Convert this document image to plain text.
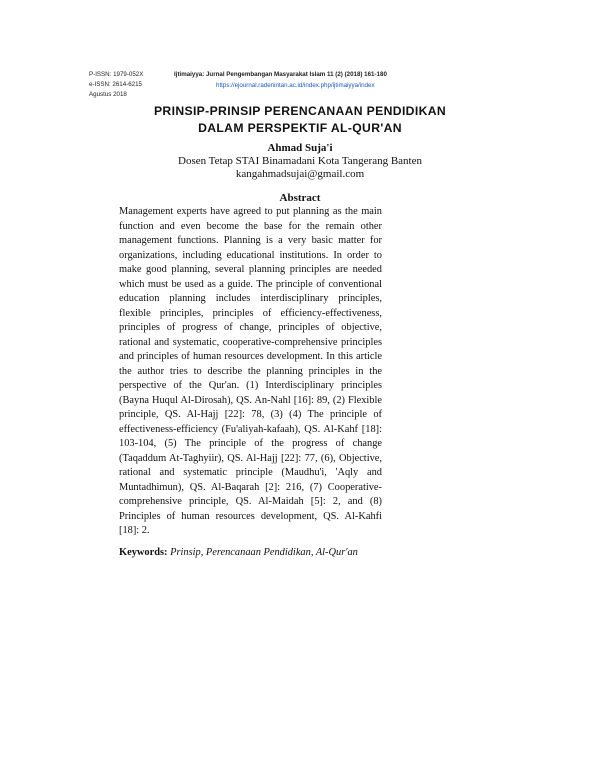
P-ISSN: 1979-052X	Ijtimaiyya: Jurnal Pengembangan Masyarakat Islam 11 (2) (2018) 161-180
e-ISSN: 2614-6215	https://ejournal.radenintan.ac.id/index.php/ijtimaiyya/index
Agustus 2018
PRINSIP-PRINSIP PERENCANAAN PENDIDIKAN
DALAM PERSPEKTIF AL-QUR'AN
Ahmad Suja'i
Dosen Tetap STAI Binamadani Kota Tangerang Banten
kangahmadsujai@gmail.com
Abstract
Management experts have agreed to put planning as the main function and even become the base for the remain other management functions. Planning is a very basic matter for organizations, including educational institutions. In order to make good planning, several planning principles are needed which must be used as a guide. The principle of conventional education planning includes interdisciplinary principles, flexible principles, principles of efficiency-effectiveness, principles of progress of change, principles of objective, rational and systematic, cooperative-comprehensive principles and principles of human resources development. In this article the author tries to describe the planning principles in the perspective of the Qur'an. (1) Interdisciplinary principles (Bayna Huqul Al-Dirosah), QS. An-Nahl [16]: 89, (2) Flexible principle, QS. Al-Hajj [22]: 78, (3) (4) The principle of effectiveness-efficiency (Fu'aliyah-kafaah), QS. Al-Kahf [18]: 103-104, (5) The principle of the progress of change (Taqaddum At-Taghyiir), QS. Al-Hajj [22]: 77, (6), Objective, rational and systematic principle (Maudhu'i, 'Aqly and Muntadhimun), QS. Al-Baqarah [2]: 216, (7) Cooperative-comprehensive principle, QS. Al-Maidah [5]: 2, and (8) Principles of human resources development, QS. Al-Kahfi [18]: 2.
Keywords: Prinsip, Perencanaan Pendidikan, Al-Qur'an
